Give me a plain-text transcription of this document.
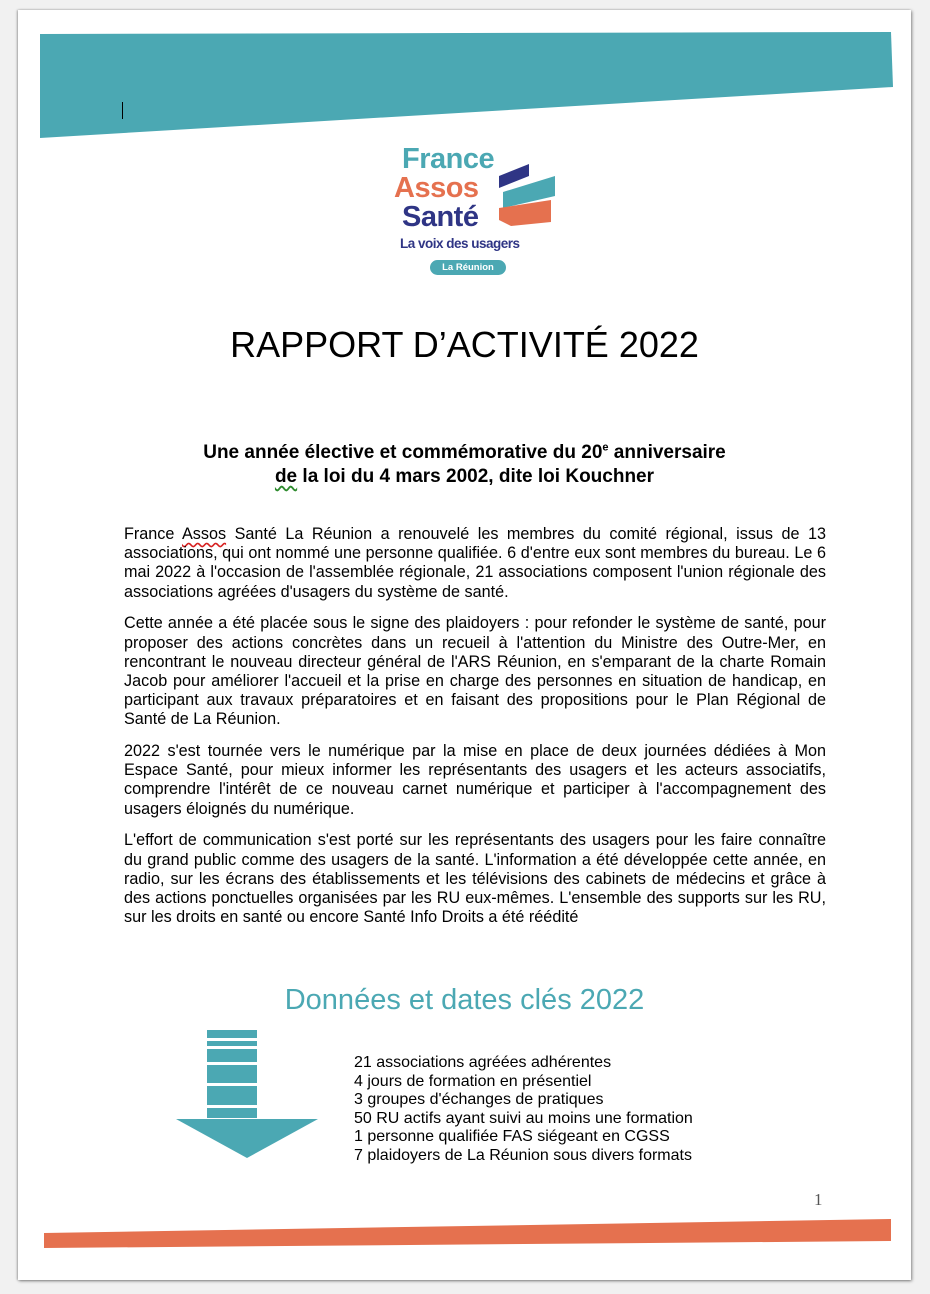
France
Assos
Santé
La voix des usagers
La Réunion
RAPPORT D’ACTIVITÉ 2022
Une année élective et commémorative du 20e anniversaire
de la loi du 4 mars 2002, dite loi Kouchner

France Assos Santé La Réunion a renouvelé les membres du comité régional, issus de 13 associations, qui ont nommé une personne qualifiée. 6 d'entre eux sont membres du bureau. Le 6 mai 2022 à l'occasion de l'assemblée régionale, 21 associations composent l'union régionale des associations agréées d'usagers du système de santé.

Cette année a été placée sous le signe des plaidoyers : pour refonder le système de santé, pour proposer des actions concrètes dans un recueil à l'attention du Ministre des Outre-Mer, en rencontrant le nouveau directeur général de l'ARS Réunion, en s'emparant de la charte Romain Jacob pour améliorer l'accueil et la prise en charge des personnes en situation de handicap, en participant aux travaux préparatoires et en faisant des propositions pour le Plan Régional de Santé de La Réunion.

2022 s'est tournée vers le numérique par la mise en place de deux journées dédiées à Mon Espace Santé, pour mieux informer les représentants des usagers et les acteurs associatifs, comprendre l'intérêt de ce nouveau carnet numérique et participer à l'accompagnement des usagers éloignés du numérique.

L'effort de communication s'est porté sur les représentants des usagers pour les faire connaître du grand public comme des usagers de la santé. L'information a été développée cette année, en radio, sur les écrans des établissements et les télévisions des cabinets de médecins et grâce à des actions ponctuelles organisées par les RU eux-mêmes. L'ensemble des supports sur les RU, sur les droits en santé ou encore Santé Info Droits a été réédité

Données et dates clés 2022
21 associations agréées adhérentes
4 jours de formation en présentiel
3 groupes d'échanges de pratiques
50 RU actifs ayant suivi au moins une formation
1 personne qualifiée FAS siégeant en CGSS
7 plaidoyers de La Réunion sous divers formats
1
